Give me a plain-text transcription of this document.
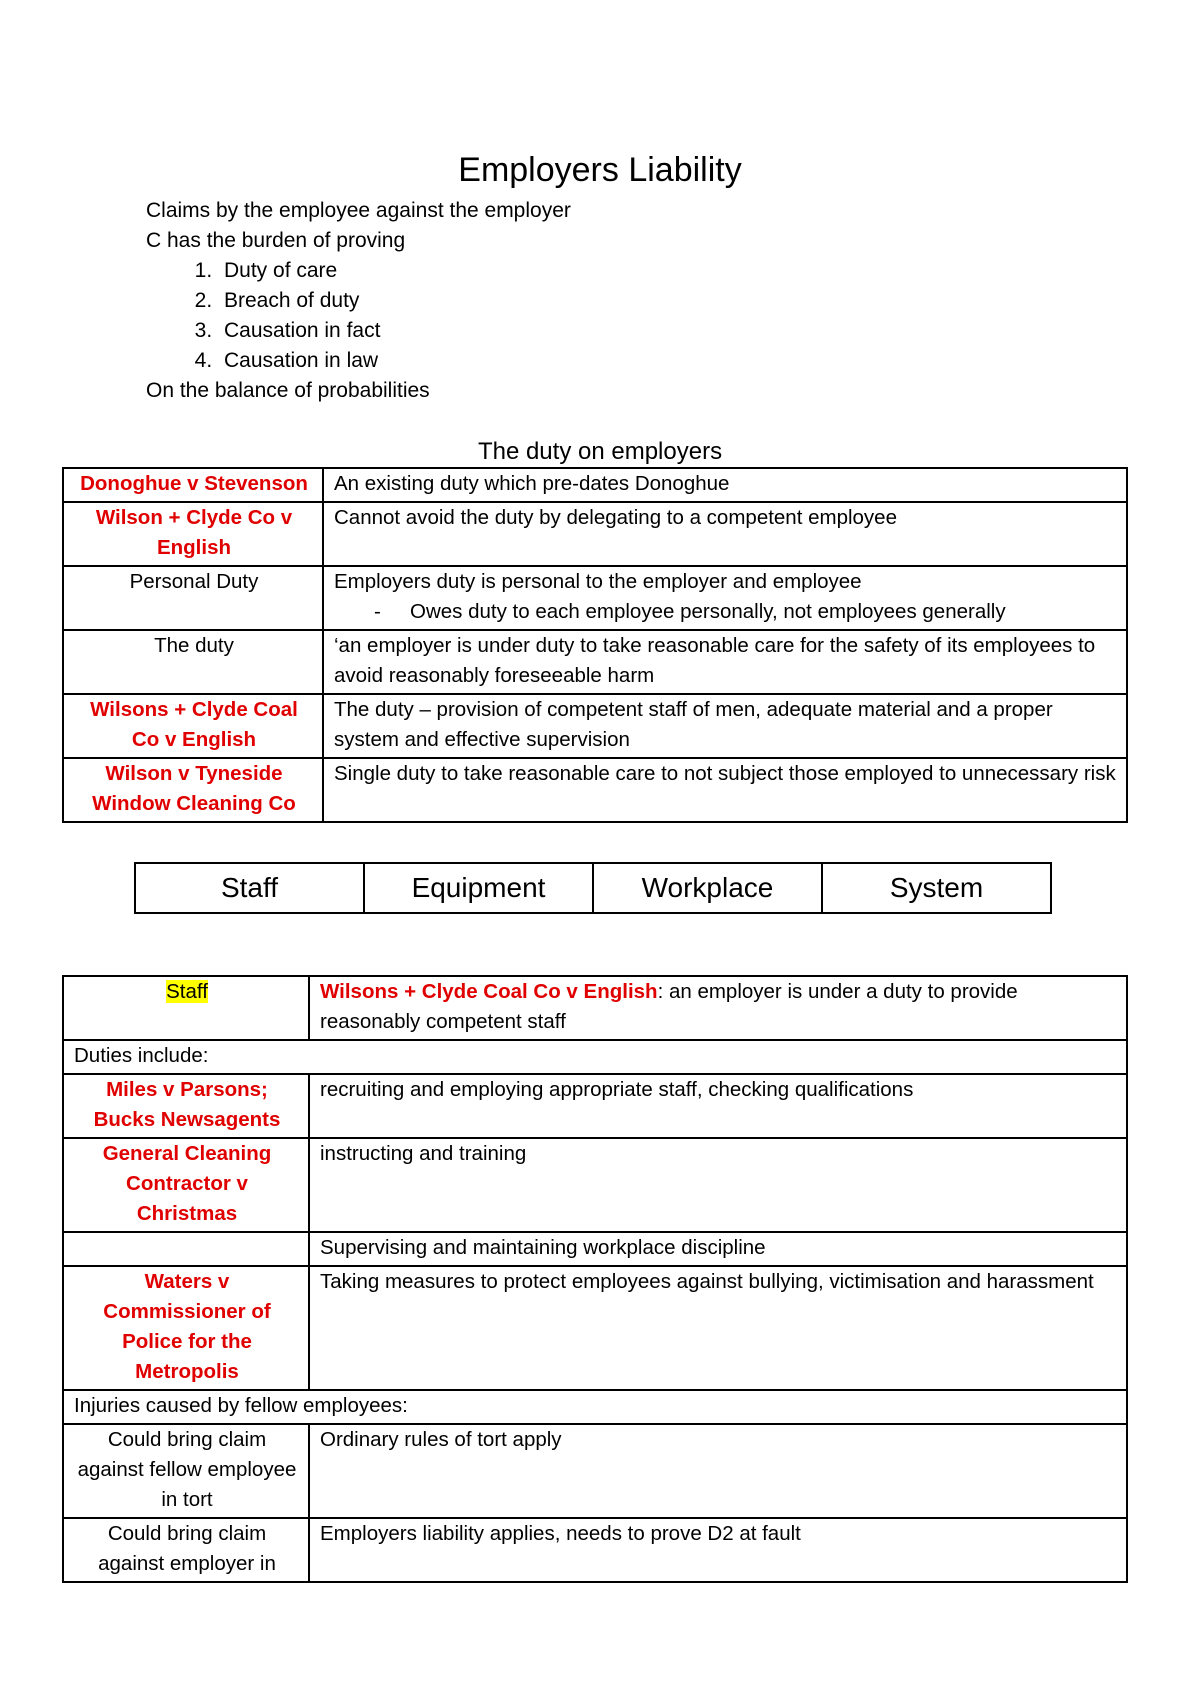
Employers Liability
Claims by the employee against the employer
C has the burden of proving
1. Duty of care
2. Breach of duty
3. Causation in fact
4. Causation in law
On the balance of probabilities
The duty on employers
Donoghue v Stevenson	An existing duty which pre-dates Donoghue
Wilson + Clyde Co v English	Cannot avoid the duty by delegating to a competent employee
Personal Duty	Employers duty is personal to the employer and employee
- Owes duty to each employee personally, not employees generally

The duty	‘an employer is under duty to take reasonable care for the safety of its employees to avoid reasonably foreseeable harm
Wilsons + Clyde Coal Co v English	The duty – provision of competent staff of men, adequate material and a proper system and effective supervision
Wilson v Tyneside Window Cleaning Co	Single duty to take reasonable care to not subject those employed to unnecessary risk
Staff	Equipment	Workplace	System
Staff	Wilsons + Clyde Coal Co v English: an employer is under a duty to provide reasonably competent staff
Duties include:	
Miles v Parsons; Bucks Newsagents	recruiting and employing appropriate staff, checking qualifications
General Cleaning Contractor v Christmas	instructing and training
	Supervising and maintaining workplace discipline
Waters v Commissioner of Police for the Metropolis	Taking measures to protect employees against bullying, victimisation and harassment
Injuries caused by fellow employees:	
Could bring claim against fellow employee in tort	Ordinary rules of tort apply
Could bring claim against employer in	Employers liability applies, needs to prove D2 at fault
